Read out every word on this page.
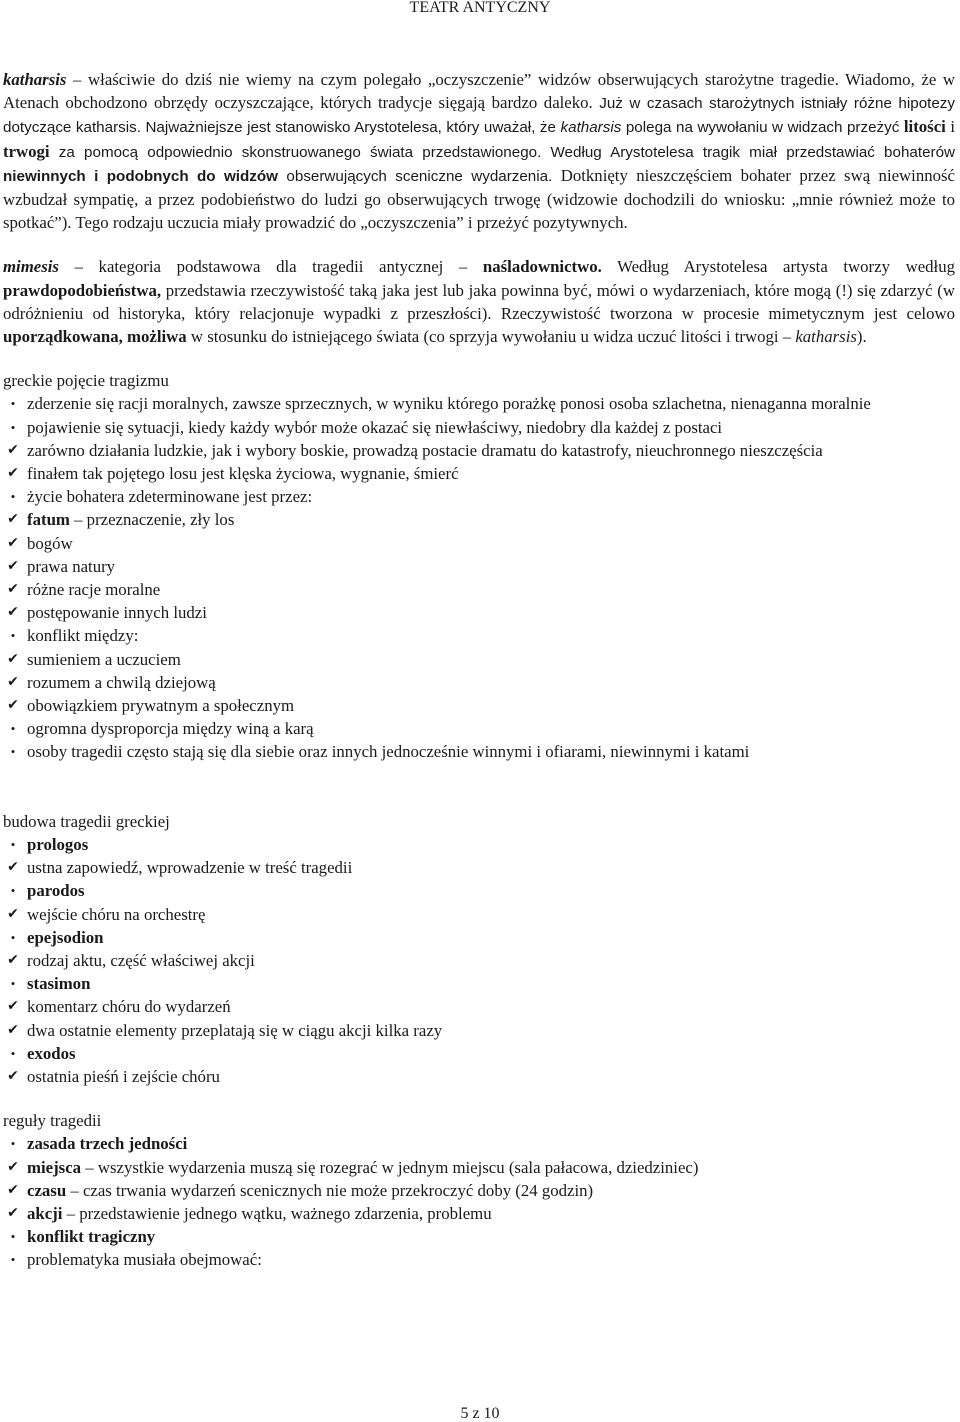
TEATR ANTYCZNY

katharsis – właściwie do dziś nie wiemy na czym polegało „oczyszczenie” widzów obserwujących starożytne tragedie. Wiadomo, że w Atenach obchodzono obrzędy oczyszczające, których tradycje sięgają bardzo daleko. Już w czasach starożytnych istniały różne hipotezy dotyczące katharsis. Najważniejsze jest stanowisko Arystotelesa, który uważał, że katharsis polega na wywołaniu w widzach przeżyć litości i trwogi za pomocą odpowiednio skonstruowanego świata przedstawionego. Według Arystotelesa tragik miał przedstawiać bohaterów niewinnych i podobnych do widzów obserwujących sceniczne wydarzenia. Dotknięty nieszczęściem bohater przez swą niewinność wzbudzał sympatię, a przez podobieństwo do ludzi go obserwujących trwogę (widzowie dochodzili do wniosku: „mnie również może to spotkać”). Tego rodzaju uczucia miały prowadzić do „oczyszczenia” i przeżyć pozytywnych.

mimesis – kategoria podstawowa dla tragedii antycznej – naśladownictwo. Według Arystotelesa artysta tworzy według prawdopodobieństwa, przedstawia rzeczywistość taką jaka jest lub jaka powinna być, mówi o wydarzeniach, które mogą (!) się zdarzyć (w odróżnieniu od historyka, który relacjonuje wypadki z przeszłości). Rzeczywistość tworzona w procesie mimetycznym jest celowo uporządkowana, możliwa w stosunku do istniejącego świata (co sprzyja wywołaniu u widza uczuć litości i trwogi – katharsis).

greckie pojęcie tragizmu
• zderzenie się racji moralnych, zawsze sprzecznych, w wyniku którego porażkę ponosi osoba szlachetna, nienaganna moralnie
• pojawienie się sytuacji, kiedy każdy wybór może okazać się niewłaściwy, niedobry dla każdej z postaci
✔ zarówno działania ludzkie, jak i wybory boskie, prowadzą postacie dramatu do katastrofy, nieuchronnego nieszczęścia
✔ finałem tak pojętego losu jest klęska życiowa, wygnanie, śmierć
• życie bohatera zdeterminowane jest przez:
✔ fatum – przeznaczenie, zły los
✔ bogów
✔ prawa natury
✔ różne racje moralne
✔ postępowanie innych ludzi
• konflikt między:
✔ sumieniem a uczuciem
✔ rozumem a chwilą dziejową
✔ obowiązkiem prywatnym a społecznym
• ogromna dysproporcja między winą a karą
• osoby tragedii często stają się dla siebie oraz innych jednocześnie winnymi i ofiarami, niewinnymi i katami
budowa tragedii greckiej
• prologos
✔ ustna zapowiedź, wprowadzenie w treść tragedii
• parodos
✔ wejście chóru na orchestrę
• epejsodion
✔ rodzaj aktu, część właściwej akcji
• stasimon
✔ komentarz chóru do wydarzeń
✔ dwa ostatnie elementy przeplatają się w ciągu akcji kilka razy
• exodos
✔ ostatnia pieśń i zejście chóru
reguły tragedii
• zasada trzech jedności
✔ miejsca – wszystkie wydarzenia muszą się rozegrać w jednym miejscu (sala pałacowa, dziedziniec)
✔ czasu – czas trwania wydarzeń scenicznych nie może przekroczyć doby (24 godzin)
✔ akcji – przedstawienie jednego wątku, ważnego zdarzenia, problemu
• konflikt tragiczny
• problematyka musiała obejmować:
5 z 10
